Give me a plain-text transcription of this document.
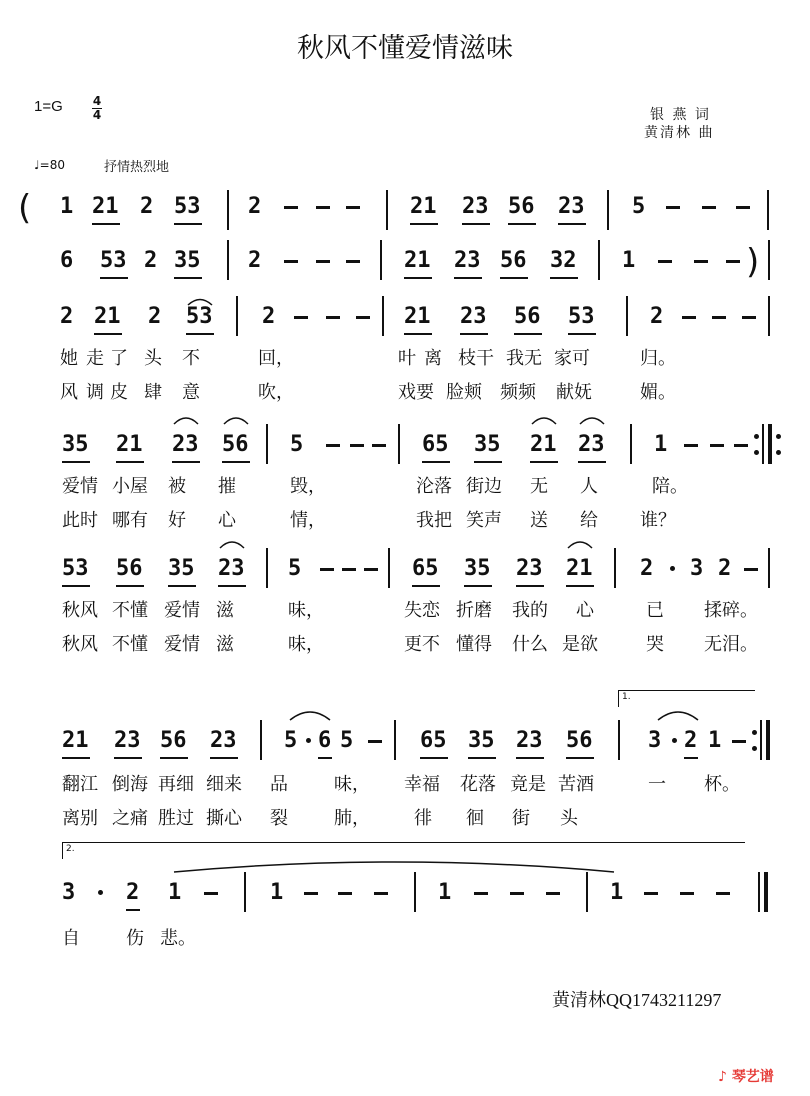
秋风不懂爱情滋味
1=G	4
4	银 燕 词
黄清林 曲
♩=80	抒情热烈地
( 1 21 2 53 2	21 23 56 23 5
6 53 2 35 2	21 23 56 32 1	)
2 21 2 53 2	21 23 56 53	2
她 走 了 头 不	回，	叶 离 枝干 我无 家可	归。
风 调 皮 肆 意	吹，	戏要 脸颊 频频 献妩	媚。
35 21 23 56 5	65 35 21 23 1
爱情 小屋 被 摧	毁，	沦落 街边 无 人	陪。
此时 哪有 好 心	情，	我把 笑声 送 给 谁？
53 56 35 23 5	65 35 23 21 2 3 2
秋风 不懂 爱情 滋	味，	失恋 折磨 我的 心	已 揉碎。
秋风 不懂 爱情 滋	味，	更不 懂得 什么 是欲	哭 无泪。
1.
21 23 56 23 5 6 5	65 35 23 56	3 2 1
翻江 倒海 再细 细来 品	味， 幸福 花落 竟是 苦酒	一 杯。
离别 之痛 胜过 撕心 裂	肺， 徘 徊 街 头
2.
3 2 1	1	1	1
自	伤 悲。
黄清林QQ1743211297
♪ 琴艺谱
